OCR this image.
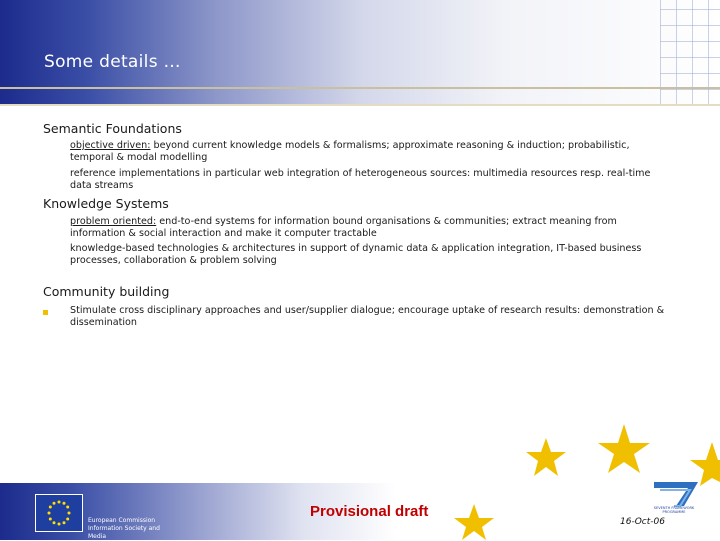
Some details …

Semantic Foundations

objective driven: beyond current knowledge models & formalisms; approximate reasoning & induction; probabilistic, temporal & modal modelling

reference implementations in particular web integration of heterogeneous sources: multimedia resources resp. real-time data streams

Knowledge Systems

problem oriented: end-to-end systems for information bound organisations & communities; extract meaning from information & social interaction and make it computer tractable

knowledge-based technologies & architectures in support of dynamic data & application integration, IT-based business processes, collaboration & problem solving

Community building

Stimulate cross disciplinary approaches and user/supplier dialogue; encourage uptake of research results: demonstration & dissemination

European Commission
Information Society and Media

Provisional draft	SEVENTH FRAMEWORK PROGRAMME

16-Oct-06
